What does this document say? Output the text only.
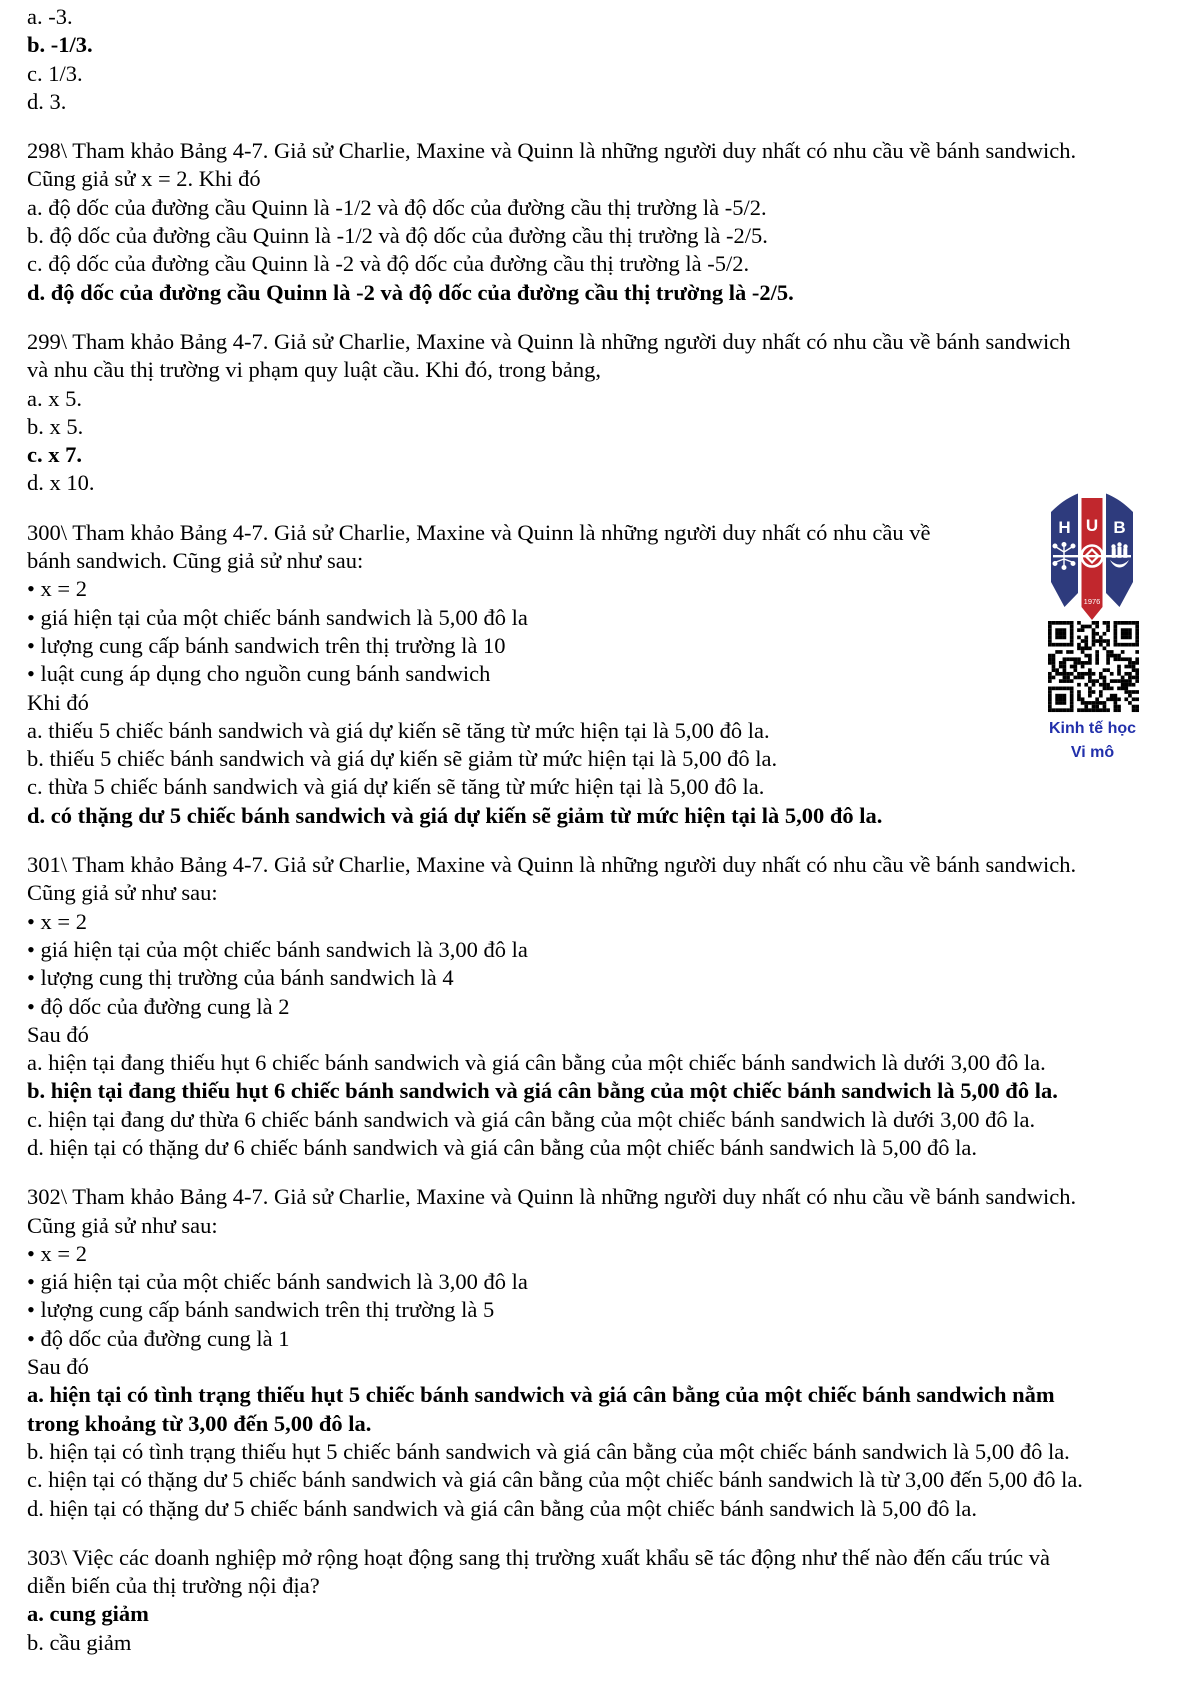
a. -3.
b. -1/3.
c. 1/3.
d. 3.
298\ Tham khảo Bảng 4-7. Giả sử Charlie, Maxine và Quinn là những người duy nhất có nhu cầu về bánh sandwich.
Cũng giả sử x = 2. Khi đó
a. độ dốc của đường cầu Quinn là -1/2 và độ dốc của đường cầu thị trường là -5/2.
b. độ dốc của đường cầu Quinn là -1/2 và độ dốc của đường cầu thị trường là -2/5.
c. độ dốc của đường cầu Quinn là -2 và độ dốc của đường cầu thị trường là -5/2.
d. độ dốc của đường cầu Quinn là -2 và độ dốc của đường cầu thị trường là -2/5.
299\ Tham khảo Bảng 4-7. Giả sử Charlie, Maxine và Quinn là những người duy nhất có nhu cầu về bánh sandwich
và nhu cầu thị trường vi phạm quy luật cầu. Khi đó, trong bảng,
a. x 5.
b. x 5.
c. x 7.
d. x 10.
300\ Tham khảo Bảng 4-7. Giả sử Charlie, Maxine và Quinn là những người duy nhất có nhu cầu về
bánh sandwich. Cũng giả sử như sau:
• x = 2
• giá hiện tại của một chiếc bánh sandwich là 5,00 đô la
• lượng cung cấp bánh sandwich trên thị trường là 10
• luật cung áp dụng cho nguồn cung bánh sandwich
Khi đó
a. thiếu 5 chiếc bánh sandwich và giá dự kiến sẽ tăng từ mức hiện tại là 5,00 đô la.
b. thiếu 5 chiếc bánh sandwich và giá dự kiến sẽ giảm từ mức hiện tại là 5,00 đô la.
c. thừa 5 chiếc bánh sandwich và giá dự kiến sẽ tăng từ mức hiện tại là 5,00 đô la.
d. có thặng dư 5 chiếc bánh sandwich và giá dự kiến sẽ giảm từ mức hiện tại là 5,00 đô la.
301\ Tham khảo Bảng 4-7. Giả sử Charlie, Maxine và Quinn là những người duy nhất có nhu cầu về bánh sandwich.
Cũng giả sử như sau:
• x = 2
• giá hiện tại của một chiếc bánh sandwich là 3,00 đô la
• lượng cung thị trường của bánh sandwich là 4
• độ dốc của đường cung là 2
Sau đó
a. hiện tại đang thiếu hụt 6 chiếc bánh sandwich và giá cân bằng của một chiếc bánh sandwich là dưới 3,00 đô la.
b. hiện tại đang thiếu hụt 6 chiếc bánh sandwich và giá cân bằng của một chiếc bánh sandwich là 5,00 đô la.
c. hiện tại đang dư thừa 6 chiếc bánh sandwich và giá cân bằng của một chiếc bánh sandwich là dưới 3,00 đô la.
d. hiện tại có thặng dư 6 chiếc bánh sandwich và giá cân bằng của một chiếc bánh sandwich là 5,00 đô la.
302\ Tham khảo Bảng 4-7. Giả sử Charlie, Maxine và Quinn là những người duy nhất có nhu cầu về bánh sandwich.
Cũng giả sử như sau:
• x = 2
• giá hiện tại của một chiếc bánh sandwich là 3,00 đô la
• lượng cung cấp bánh sandwich trên thị trường là 5
• độ dốc của đường cung là 1
Sau đó
a. hiện tại có tình trạng thiếu hụt 5 chiếc bánh sandwich và giá cân bằng của một chiếc bánh sandwich nằm
trong khoảng từ 3,00 đến 5,00 đô la.
b. hiện tại có tình trạng thiếu hụt 5 chiếc bánh sandwich và giá cân bằng của một chiếc bánh sandwich là 5,00 đô la.
c. hiện tại có thặng dư 5 chiếc bánh sandwich và giá cân bằng của một chiếc bánh sandwich là từ 3,00 đến 5,00 đô la.
d. hiện tại có thặng dư 5 chiếc bánh sandwich và giá cân bằng của một chiếc bánh sandwich là 5,00 đô la.
303\ Việc các doanh nghiệp mở rộng hoạt động sang thị trường xuất khẩu sẽ tác động như thế nào đến cấu trúc và
diễn biến của thị trường nội địa?
a. cung giảm
b. cầu giảm
H U B
1976
Kinh tế học
Vi mô
